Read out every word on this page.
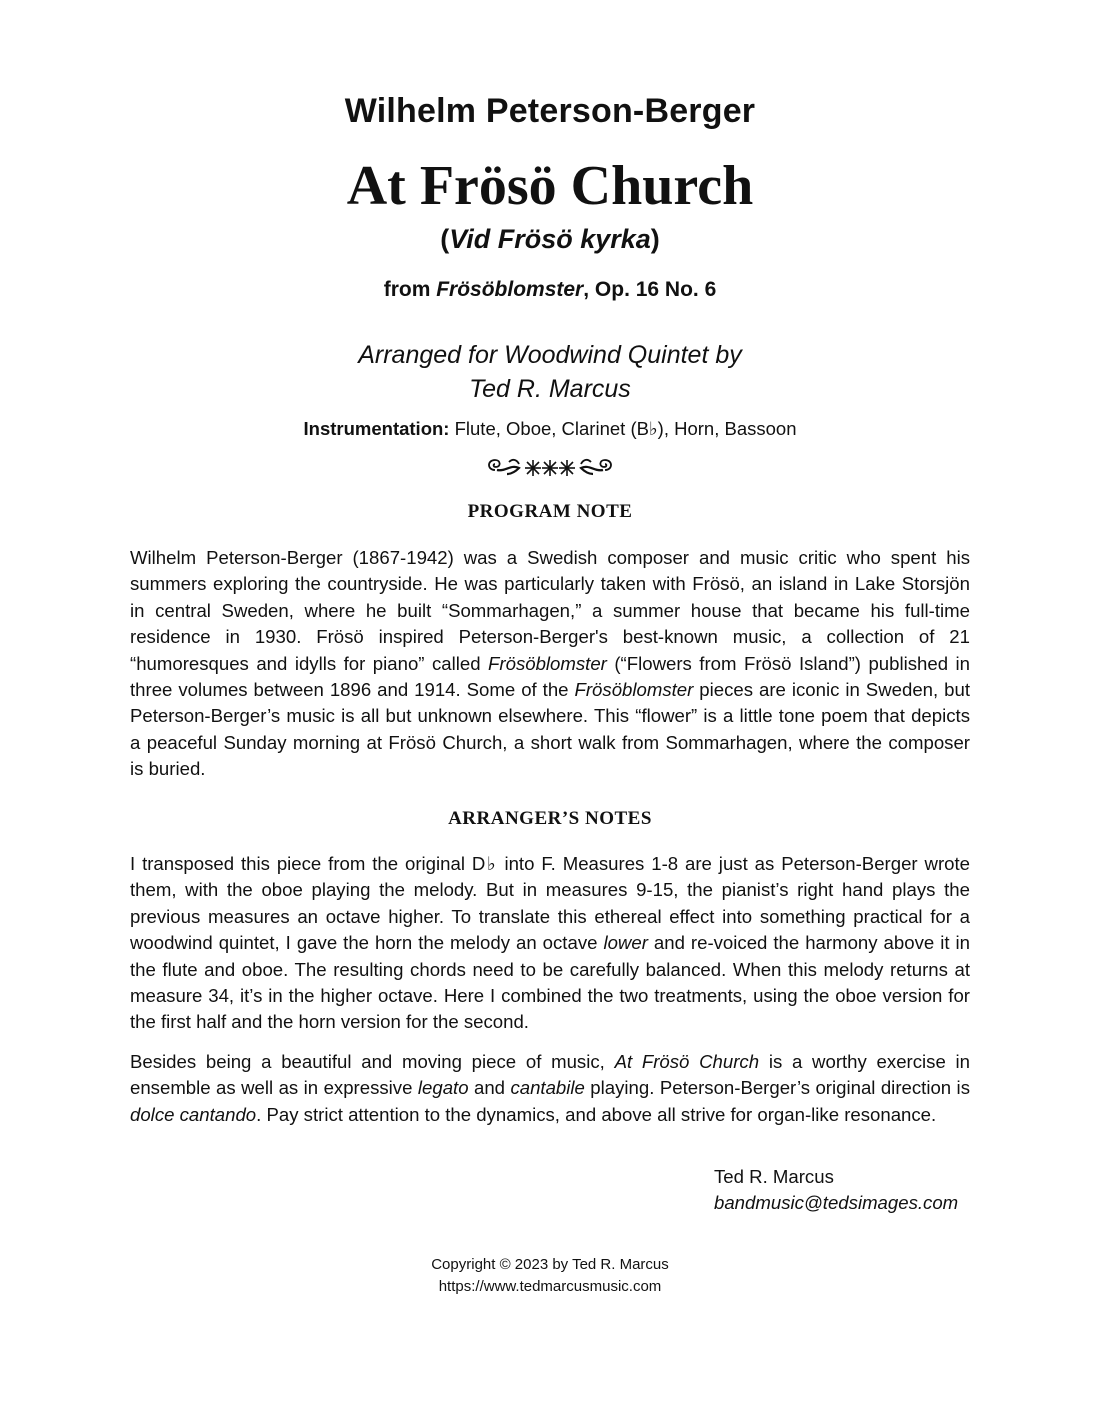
Wilhelm Peterson-Berger
At Frösö Church
(Vid Frösö kyrka)
from Frösöblomster, Op. 16 No. 6
Arranged for Woodwind Quintet by
Ted R. Marcus
Instrumentation: Flute, Oboe, Clarinet (B♭), Horn, Bassoon
PROGRAM NOTE
Wilhelm Peterson-Berger (1867-1942) was a Swedish composer and music critic who spent his summers exploring the countryside. He was particularly taken with Frösö, an island in Lake Storsjön in central Sweden, where he built “Sommarhagen,” a summer house that became his full-time residence in 1930. Frösö inspired Peterson-Berger's best-known music, a collection of 21 “humoresques and idylls for piano” called Frösöblomster (“Flowers from Frösö Island”) published in three volumes between 1896 and 1914. Some of the Frösöblomster pieces are iconic in Sweden, but Peterson-Berger’s music is all but unknown elsewhere. This “flower” is a little tone poem that depicts a peaceful Sunday morning at Frösö Church, a short walk from Sommarhagen, where the composer is buried.
ARRANGER’S NOTES
I transposed this piece from the original D♭ into F. Measures 1-8 are just as Peterson-Berger wrote them, with the oboe playing the melody. But in measures 9-15, the pianist’s right hand plays the previous measures an octave higher. To translate this ethereal effect into something practical for a woodwind quintet, I gave the horn the melody an octave lower and re-voiced the harmony above it in the flute and oboe. The resulting chords need to be carefully balanced. When this melody returns at measure 34, it’s in the higher octave. Here I combined the two treatments, using the oboe version for the first half and the horn version for the second.
Besides being a beautiful and moving piece of music, At Frösö Church is a worthy exercise in ensemble as well as in expressive legato and cantabile playing. Peterson-Berger’s original direction is dolce cantando. Pay strict attention to the dynamics, and above all strive for organ-like resonance.
Ted R. Marcus
bandmusic@tedsimages.com
Copyright © 2023 by Ted R. Marcus
https://www.tedmarcusmusic.com
